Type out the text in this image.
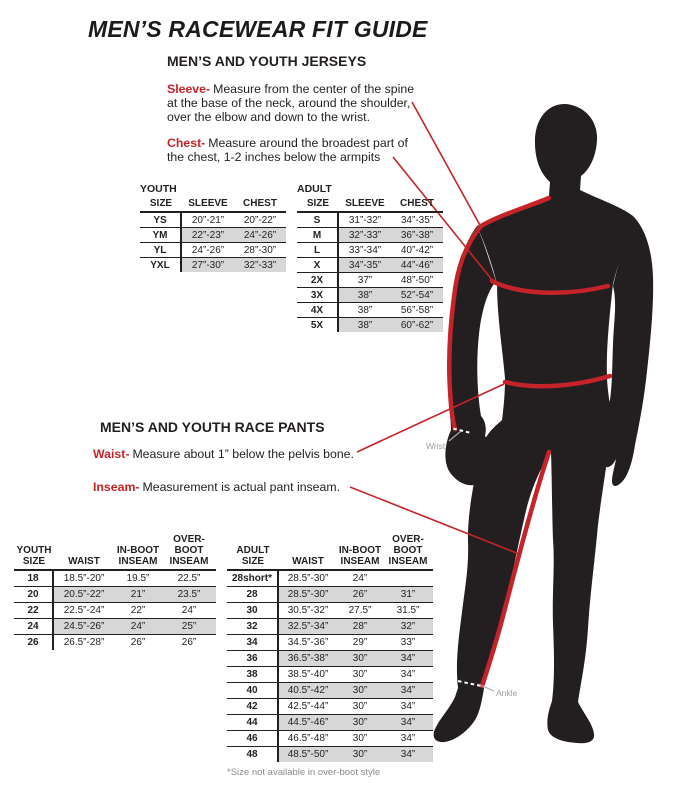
Wrist
Ankle
MEN’S RACEWEAR FIT GUIDE
MEN’S AND YOUTH JERSEYS

Sleeve- Measure from the center of the spine at the base of the neck, around the shoulder, over the elbow and down to the wrist.

Chest- Measure around the broadest part of the chest, 1-2 inches below the armpits

YOUTH
SIZE SLEEVE CHEST
YS	20”-21”	20”-22”
YM	22”-23”	24”-26”
YL	24”-26”	28”-30”
YXL	27”-30”	32”-33”
ADULT
SIZE SLEEVE CHEST
S	31”-32”	34”-35”
M	32”-33”	36”-38”
L	33”-34”	40”-42”
X	34”-35”	44”-46”
2X	37”	48”-50”
3X	38”	52”-54”
4X	38”	56”-58”
5X	38”	60”-62”
MEN’S AND YOUTH RACE PANTS

Waist- Measure about 1” below the pelvis bone.

Inseam- Measurement is actual pant inseam.

YOUTH
SIZE WAIST
IN-BOOT
INSEAM
OVER-BOOT
INSEAM
18	18.5”-20”	19.5”	22.5”
20	20.5”-22”	21”	23.5”
22	22.5”-24”	22”	24”
24	24.5”-26”	24”	25”
26	26.5”-28”	26”	26”
ADULT
SIZE	WAIST
IN-BOOT
INSEAM
OVER-BOOT
INSEAM
28short*	28.5”-30”	24”
28	28.5”-30”	26”	31”
30	30.5”-32”	27.5”	31.5”
32	32.5”-34”	28”	32”
34	34.5”-36”	29”	33”
36	36.5”-38”	30”	34”
38	38.5”-40”	30”	34”
40	40.5”-42”	30”	34”
42	42.5”-44”	30”	34”
44	44.5”-46”	30”	34”
46	46.5”-48”	30”	34”
48	48.5”-50”	30”	34”
*Size not available in over-boot style
